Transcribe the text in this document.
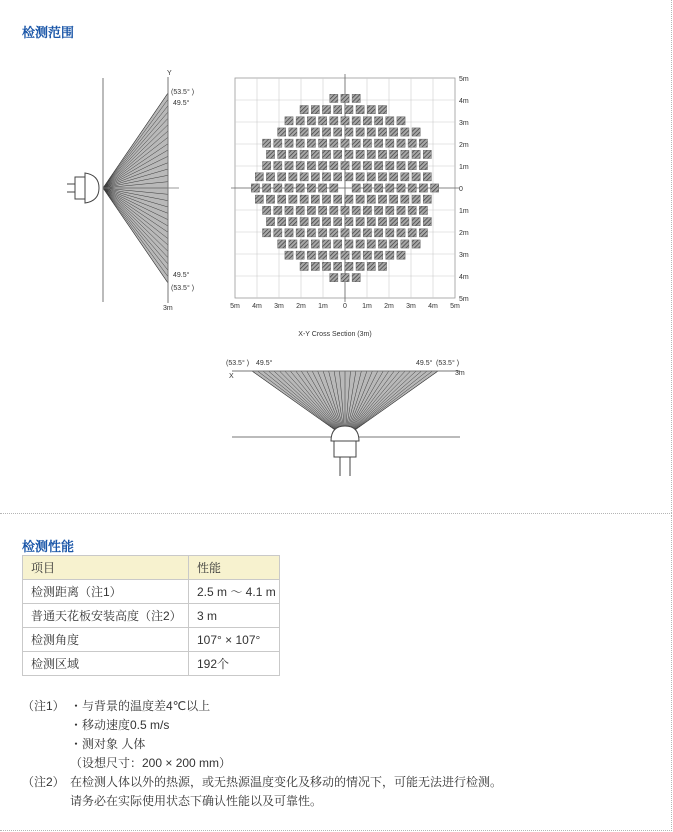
检测范围
Y
(53.5° )
49.5°
49.5°
(53.5° )
3m	5m 4m 3m 2m 1m 0 1m 2m 3m 4m 5m
5m
4m
3m
2m
1m
0
1m
2m
3m
4m
5m
X-Y Cross Section (3m)
X
(53.5° ) 49.5°	49.5° (53.5° )
3m
检测性能
项目	性能
检测距离（注1）	2.5 m ～ 4.1 m
普通天花板安装高度（注2）	3 m
检测角度	107° × 107°
检测区域	192个
（注1） ・与背景的温度差4℃以上
・移动速度0.5 m/s
・测对象 人体
（设想尺寸：200 × 200 mm）
（注2） 在检测人体以外的热源，或无热源温度变化及移动的情况下，可能无法进行检测。
请务必在实际使用状态下确认性能以及可靠性。
